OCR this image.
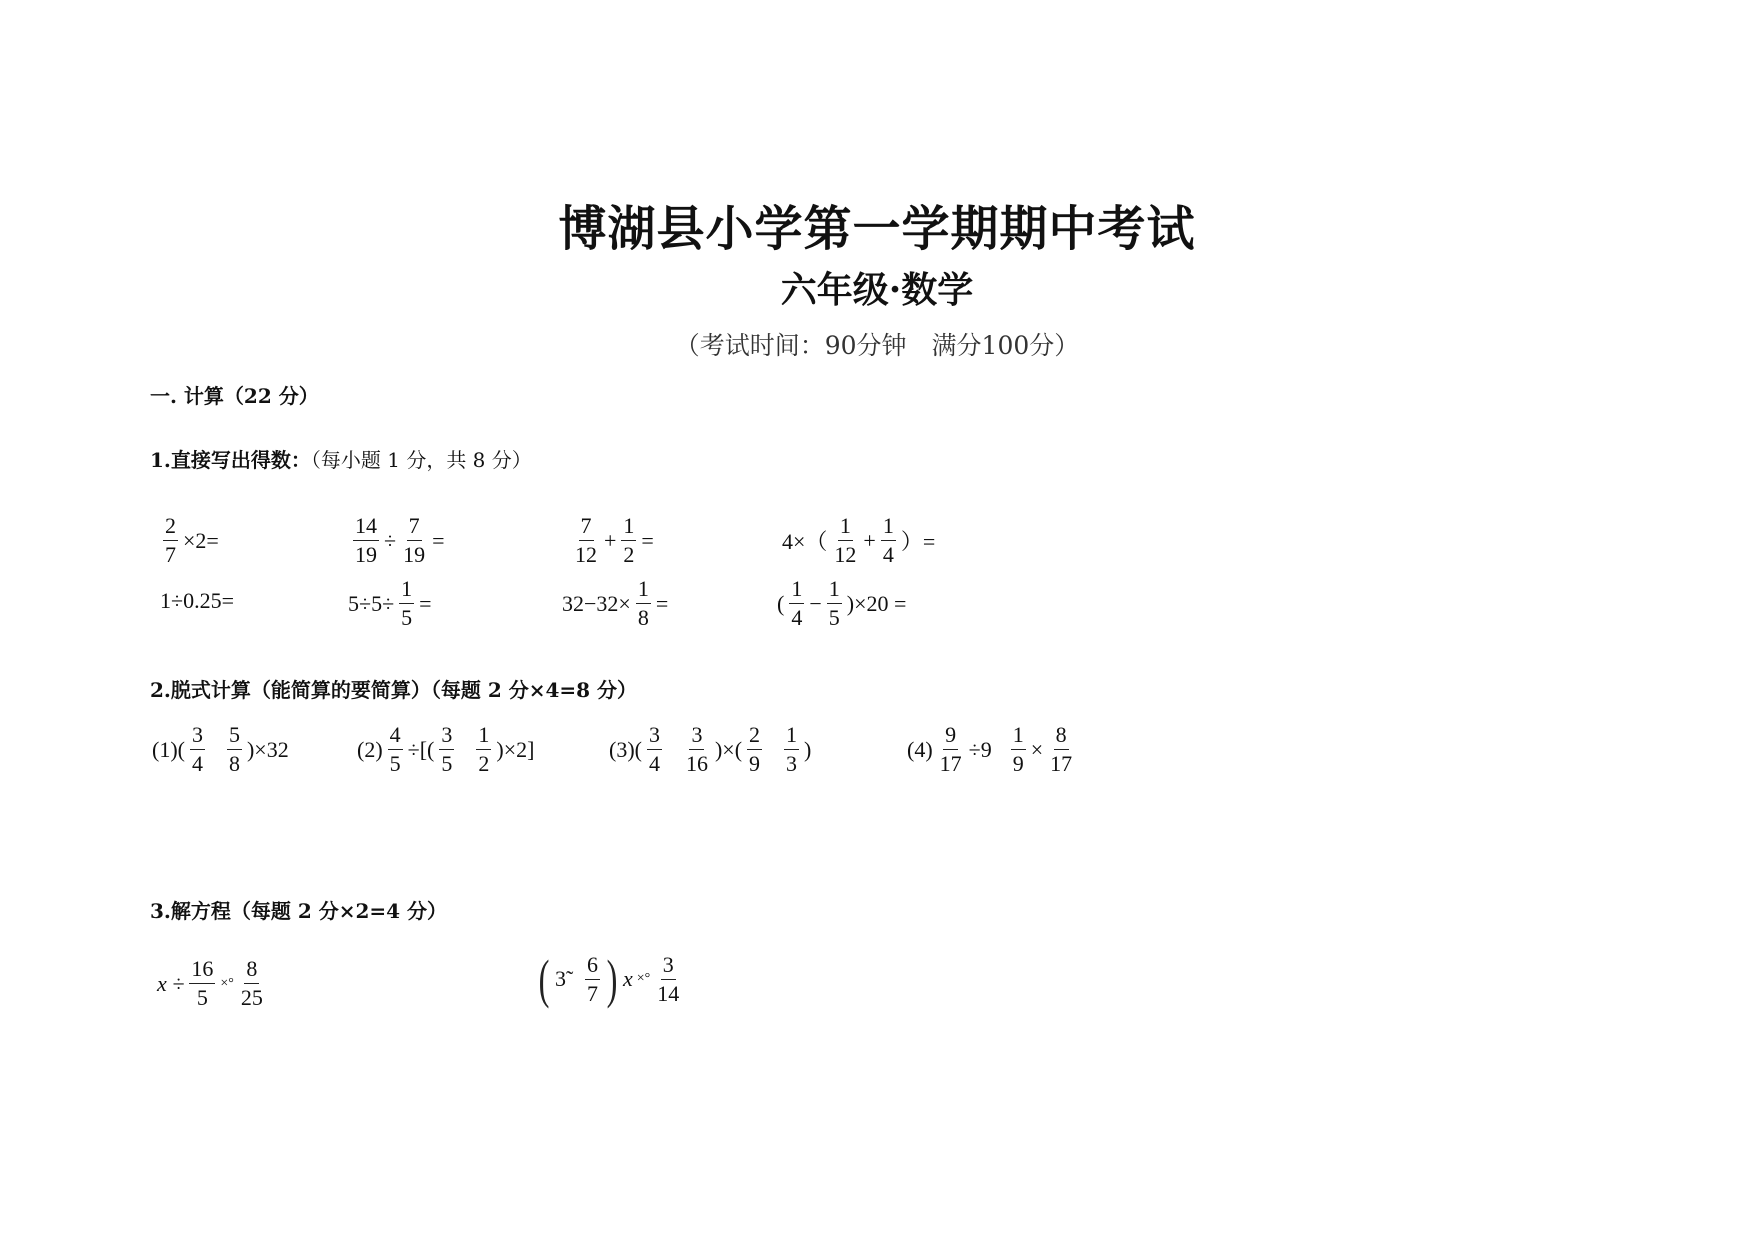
博湖县小学第一学期期中考试
六年级·数学
（考试时间：90分钟　满分100分）
一. 计算（22 分）
1.直接写出得数：（每小题 1 分，共 8 分）
$\frac{2}{7} \times 2=$	$\frac{14}{19} \div \frac{7}{19}$ =	$\frac{7}{12} + \frac{1}{2}$ =	$4\times( \frac{1}{12} + \frac{1}{4}$ ）=
1÷0.25=	$5\div 5\div \frac{1}{5}$ =	$32-32\times \frac{1}{8}$ =	( $\frac{1}{4} - \frac{1}{5} )\times 20$ =
2.脱式计算（能简算的要简算）（每题 2 分×4=8 分）
$(1)( \frac{3}{4} \frac{5}{8} )\times 32$	$(2) \frac{4}{5}$ ÷[( $\frac{3}{5} \frac{1}{2} )\times 2$]	$(3)( \frac{3}{4} \frac{3}{16}$ )×( $\frac{2}{9} \frac{1}{3}$ )	$(4) \frac{9}{17} \div 9 \frac{1}{9} \times \frac{8}{17}$
3.解方程（每题 2 分×2=4 分）
$x \div \frac{16}{5}$ ×° $\frac{8}{25}$	( 3̃ $\frac{6}{7}$ ) x ×° $\frac{3}{14}$
